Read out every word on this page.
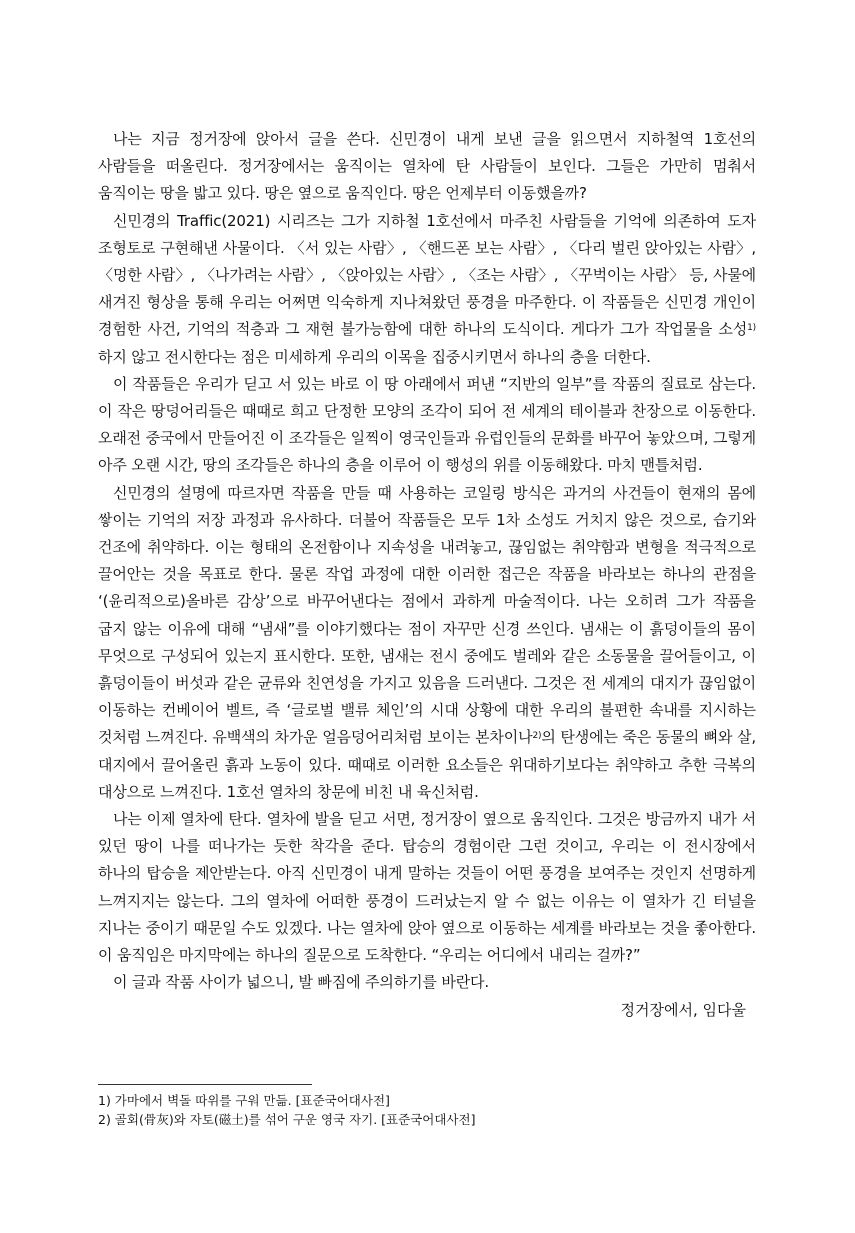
나는 지금 정거장에 앉아서 글을 쓴다. 신민경이 내게 보낸 글을 읽으면서 지하철역 1호선의 사람들을 떠올린다. 정거장에서는 움직이는 열차에 탄 사람들이 보인다. 그들은 가만히 멈춰서 움직이는 땅을 밟고 있다. 땅은 옆으로 움직인다. 땅은 언제부터 이동했을까?

신민경의 Traffic(2021) 시리즈는 그가 지하철 1호선에서 마주친 사람들을 기억에 의존하여 도자 조형토로 구현해낸 사물이다. 〈서 있는 사람〉, 〈핸드폰 보는 사람〉, 〈다리 벌린 앉아있는 사람〉, 〈멍한 사람〉, 〈나가려는 사람〉, 〈앉아있는 사람〉, 〈조는 사람〉, 〈꾸벅이는 사람〉 등, 사물에 새겨진 형상을 통해 우리는 어쩌면 익숙하게 지나쳐왔던 풍경을 마주한다. 이 작품들은 신민경 개인이 경험한 사건, 기억의 적층과 그 재현 불가능함에 대한 하나의 도식이다. 게다가 그가 작업물을 소성$^{1)}$하지 않고 전시한다는 점은 미세하게 우리의 이목을 집중시키면서 하나의 층을 더한다.

이 작품들은 우리가 딛고 서 있는 바로 이 땅 아래에서 퍼낸 “지반의 일부”를 작품의 질료로 삼는다. 이 작은 땅덩어리들은 때때로 희고 단정한 모양의 조각이 되어 전 세계의 테이블과 찬장으로 이동한다. 오래전 중국에서 만들어진 이 조각들은 일찍이 영국인들과 유럽인들의 문화를 바꾸어 놓았으며, 그렇게 아주 오랜 시간, 땅의 조각들은 하나의 층을 이루어 이 행성의 위를 이동해왔다. 마치 맨틀처럼.

신민경의 설명에 따르자면 작품을 만들 때 사용하는 코일링 방식은 과거의 사건들이 현재의 몸에 쌓이는 기억의 저장 과정과 유사하다. 더불어 작품들은 모두 1차 소성도 거치지 않은 것으로, 습기와 건조에 취약하다. 이는 형태의 온전함이나 지속성을 내려놓고, 끊임없는 취약함과 변형을 적극적으로 끌어안는 것을 목표로 한다. 물론 작업 과정에 대한 이러한 접근은 작품을 바라보는 하나의 관점을 ‘(윤리적으로)올바른 감상’으로 바꾸어낸다는 점에서 과하게 마술적이다. 나는 오히려 그가 작품을 굽지 않는 이유에 대해 “냄새”를 이야기했다는 점이 자꾸만 신경 쓰인다. 냄새는 이 흙덩이들의 몸이 무엇으로 구성되어 있는지 표시한다. 또한, 냄새는 전시 중에도 벌레와 같은 소동물을 끌어들이고, 이 흙덩이들이 버섯과 같은 균류와 친연성을 가지고 있음을 드러낸다. 그것은 전 세계의 대지가 끊임없이 이동하는 컨베이어 벨트, 즉 ‘글로벌 밸류 체인’의 시대 상황에 대한 우리의 불편한 속내를 지시하는 것처럼 느껴진다. 유백색의 차가운 얼음덩어리처럼 보이는 본차이나$^{2)}$의 탄생에는 죽은 동물의 뼈와 살, 대지에서 끌어올린 흙과 노동이 있다. 때때로 이러한 요소들은 위대하기보다는 취약하고 추한 극복의 대상으로 느껴진다. 1호선 열차의 창문에 비친 내 육신처럼.

나는 이제 열차에 탄다. 열차에 발을 딛고 서면, 정거장이 옆으로 움직인다. 그것은 방금까지 내가 서 있던 땅이 나를 떠나가는 듯한 착각을 준다. 탑승의 경험이란 그런 것이고, 우리는 이 전시장에서 하나의 탑승을 제안받는다. 아직 신민경이 내게 말하는 것들이 어떤 풍경을 보여주는 것인지 선명하게 느껴지지는 않는다. 그의 열차에 어떠한 풍경이 드러났는지 알 수 없는 이유는 이 열차가 긴 터널을 지나는 중이기 때문일 수도 있겠다. 나는 열차에 앉아 옆으로 이동하는 세계를 바라보는 것을 좋아한다. 이 움직임은 마지막에는 하나의 질문으로 도착한다. “우리는 어디에서 내리는 걸까?”

이 글과 작품 사이가 넓으니, 발 빠짐에 주의하기를 바란다.

정거장에서, 임다울

1) 가마에서 벽돌 따위를 구워 만듦. [표준국어대사전]

2) 골회(骨灰)와 자토(磁土)를 섞어 구운 영국 자기. [표준국어대사전]
